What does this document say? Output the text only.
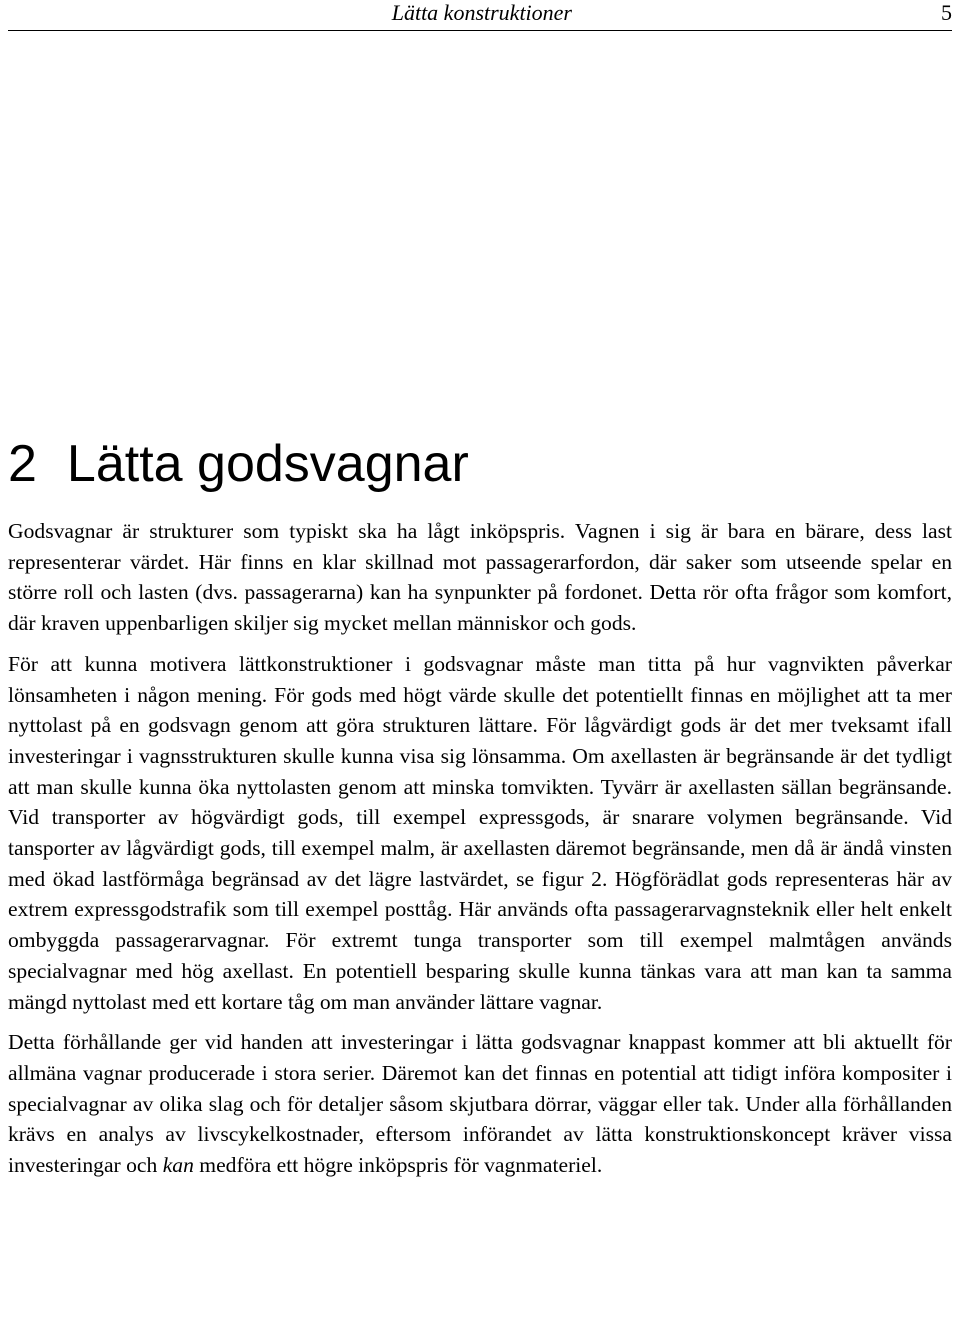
Lätta konstruktioner	5
2 Lätta godsvagnar

Godsvagnar är strukturer som typiskt ska ha lågt inköpspris. Vagnen i sig är bara en bärare, dess last representerar värdet. Här finns en klar skillnad mot passagerarfordon, där saker som utseende spelar en större roll och lasten (dvs. passagerarna) kan ha synpunkter på fordonet. Detta rör ofta frågor som komfort, där kraven uppenbarligen skiljer sig mycket mellan människor och gods.

För att kunna motivera lättkonstruktioner i godsvagnar måste man titta på hur vagnvikten påverkar lönsamheten i någon mening. För gods med högt värde skulle det potentiellt finnas en möjlighet att ta mer nyttolast på en godsvagn genom att göra strukturen lättare. För lågvärdigt gods är det mer tveksamt ifall investeringar i vagnsstrukturen skulle kunna visa sig lönsamma. Om axellasten är begränsande är det tydligt att man skulle kunna öka nyttolasten genom att minska tomvikten. Tyvärr är axellasten sällan begränsande. Vid transporter av högvärdigt gods, till exempel expressgods, är snarare volymen begränsande. Vid tansporter av lågvärdigt gods, till exempel malm, är axellasten däremot begränsande, men då är ändå vinsten med ökad lastförmåga begränsad av det lägre lastvärdet, se figur 2. Högförädlat gods representeras här av extrem expressgodstrafik som till exempel posttåg. Här används ofta passagerarvagnsteknik eller helt enkelt ombyggda passagerarvagnar. För extremt tunga transporter som till exempel malmtågen används specialvagnar med hög axellast. En potentiell besparing skulle kunna tänkas vara att man kan ta samma mängd nyttolast med ett kortare tåg om man använder lättare vagnar.

Detta förhållande ger vid handen att investeringar i lätta godsvagnar knappast kommer att bli aktuellt för allmäna vagnar producerade i stora serier. Däremot kan det finnas en potential att tidigt införa kompositer i specialvagnar av olika slag och för detaljer såsom skjutbara dörrar, väggar eller tak. Under alla förhållanden krävs en analys av livscykelkostnader, eftersom införandet av lätta konstruktionskoncept kräver vissa investeringar och kan medföra ett högre inköpspris för vagnmateriel.
